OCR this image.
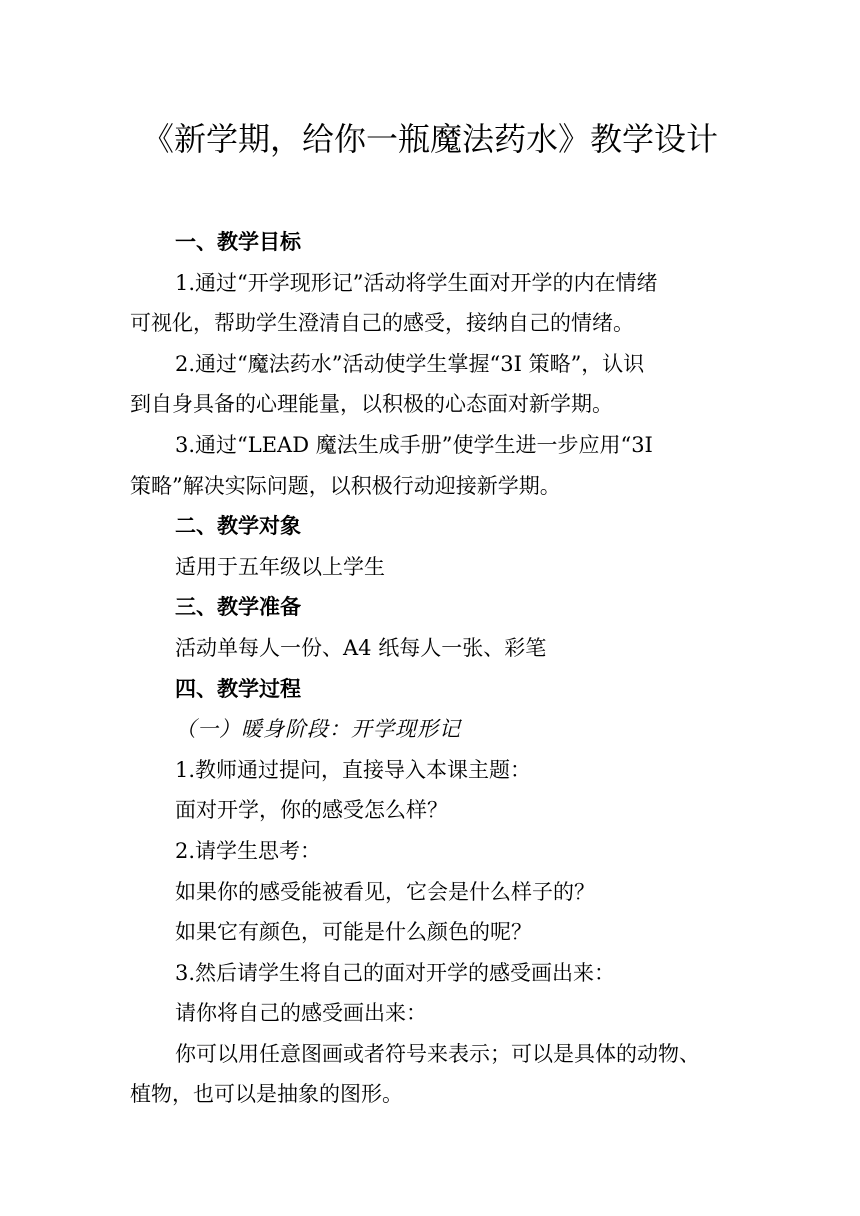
《新学期，给你一瓶魔法药水》教学设计

一、教学目标

1.通过“开学现形记”活动将学生面对开学的内在情绪

可视化，帮助学生澄清自己的感受，接纳自己的情绪。

2.通过“魔法药水”活动使学生掌握“3I 策略”，认识

到自身具备的心理能量，以积极的心态面对新学期。

3.通过“LEAD 魔法生成手册”使学生进一步应用“3I

策略”解决实际问题，以积极行动迎接新学期。

二、教学对象

适用于五年级以上学生

三、教学准备

活动单每人一份、A4 纸每人一张、彩笔

四、教学过程

（一）暖身阶段：开学现形记

1.教师通过提问，直接导入本课主题：

面对开学，你的感受怎么样？

2.请学生思考：

如果你的感受能被看见，它会是什么样子的？

如果它有颜色，可能是什么颜色的呢？

3.然后请学生将自己的面对开学的感受画出来：

请你将自己的感受画出来：

你可以用任意图画或者符号来表示；可以是具体的动物、

植物，也可以是抽象的图形。
